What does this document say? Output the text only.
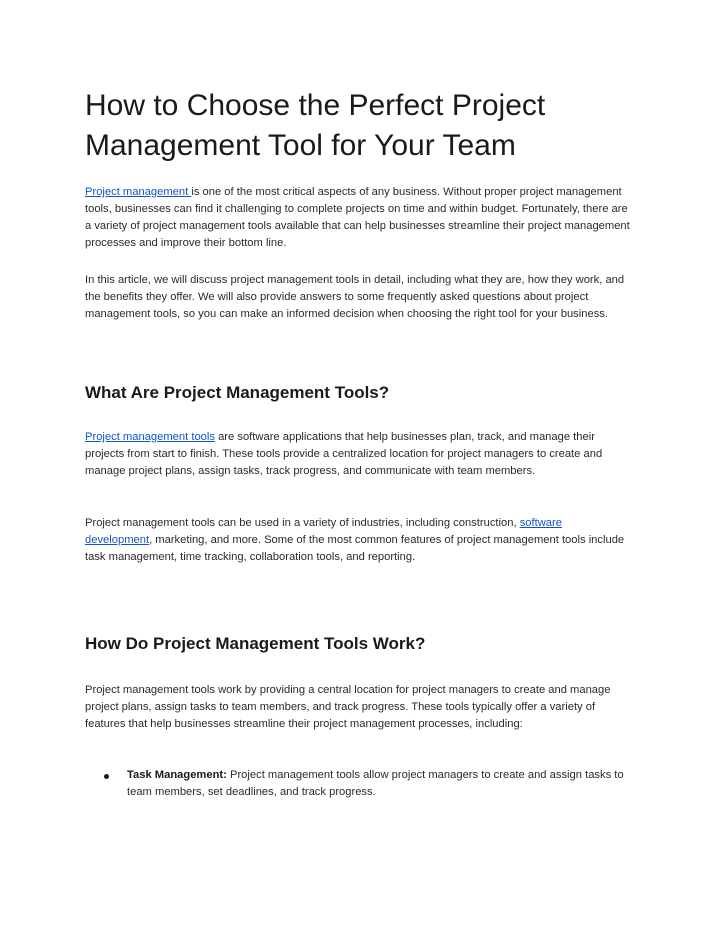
How to Choose the Perfect Project Management Tool for Your Team

Project management is one of the most critical aspects of any business. Without proper project management tools, businesses can find it challenging to complete projects on time and within budget. Fortunately, there are a variety of project management tools available that can help businesses streamline their project management processes and improve their bottom line.

In this article, we will discuss project management tools in detail, including what they are, how they work, and the benefits they offer. We will also provide answers to some frequently asked questions about project management tools, so you can make an informed decision when choosing the right tool for your business.

What Are Project Management Tools?

Project management tools are software applications that help businesses plan, track, and manage their projects from start to finish. These tools provide a centralized location for project managers to create and manage project plans, assign tasks, track progress, and communicate with team members.

Project management tools can be used in a variety of industries, including construction, software development, marketing, and more. Some of the most common features of project management tools include task management, time tracking, collaboration tools, and reporting.

How Do Project Management Tools Work?

Project management tools work by providing a central location for project managers to create and manage project plans, assign tasks to team members, and track progress. These tools typically offer a variety of features that help businesses streamline their project management processes, including:

Task Management: Project management tools allow project managers to create and assign tasks to team members, set deadlines, and track progress.
